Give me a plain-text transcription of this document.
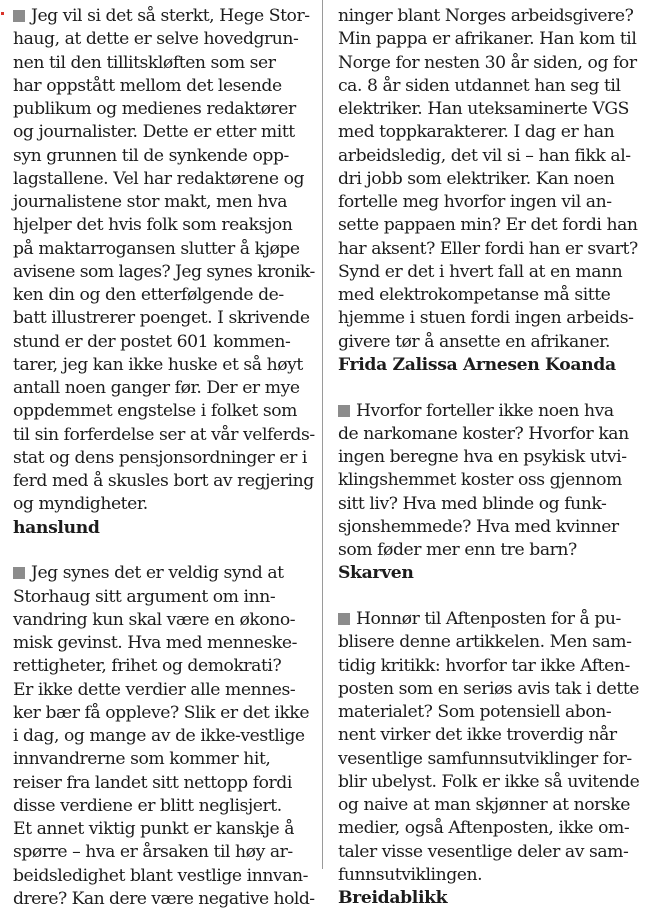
Jeg vil si det så sterkt, Hege Stor-
haug, at dette er selve hovedgrun-
nen til den tillitskløften som ser
har oppstått mellom det lesende
publikum og medienes redaktører
og journalister. Dette er etter mitt
syn grunnen til de synkende opp-
lagstallene. Vel har redaktørene og
journalistene stor makt, men hva
hjelper det hvis folk som reaksjon
på maktarrogansen slutter å kjøpe
avisene som lages? Jeg synes kronik-
ken din og den etterfølgende de-
batt illustrerer poenget. I skrivende
stund er der postet 601 kommen-
tarer, jeg kan ikke huske et så høyt
antall noen ganger før. Der er mye
oppdemmet engstelse i folket som
til sin forferdelse ser at vår velferds-
stat og dens pensjonsordninger er i
ferd med å skusles bort av regjering
og myndigheter.
hanslund
Jeg synes det er veldig synd at
Storhaug sitt argument om inn-
vandring kun skal være en økono-
misk gevinst. Hva med menneske-
rettigheter, frihet og demokrati?
Er ikke dette verdier alle mennes-
ker bær få oppleve? Slik er det ikke
i dag, og mange av de ikke-vestlige
innvandrerne som kommer hit,
reiser fra landet sitt nettopp fordi
disse verdiene er blitt neglisjert.
Et annet viktig punkt er kanskje å
spørre – hva er årsaken til høy ar-
beidsledighet blant vestlige innvan-
drere? Kan dere være negative hold-
ninger blant Norges arbeidsgivere?
Min pappa er afrikaner. Han kom til
Norge for nesten 30 år siden, og for
ca. 8 år siden utdannet han seg til
elektriker. Han uteksaminerte VGS
med toppkarakterer. I dag er han
arbeidsledig, det vil si – han fikk al-
dri jobb som elektriker. Kan noen
fortelle meg hvorfor ingen vil an-
sette pappaen min? Er det fordi han
har aksent? Eller fordi han er svart?
Synd er det i hvert fall at en mann
med elektrokompetanse må sitte
hjemme i stuen fordi ingen arbeids-
givere tør å ansette en afrikaner.
Frida Zalissa Arnesen Koanda
Hvorfor forteller ikke noen hva
de narkomane koster? Hvorfor kan
ingen beregne hva en psykisk utvi-
klingshemmet koster oss gjennom
sitt liv? Hva med blinde og funk-
sjonshemmede? Hva med kvinner
som føder mer enn tre barn?
Skarven
Honnør til Aftenposten for å pu-
blisere denne artikkelen. Men sam-
tidig kritikk: hvorfor tar ikke Aften-
posten som en seriøs avis tak i dette
materialet? Som potensiell abon-
nent virker det ikke troverdig når
vesentlige samfunnsutviklinger for-
blir ubelyst. Folk er ikke så uvitende
og naive at man skjønner at norske
medier, også Aftenposten, ikke om-
taler visse vesentlige deler av sam-
funnsutviklingen.
Breidablikk
